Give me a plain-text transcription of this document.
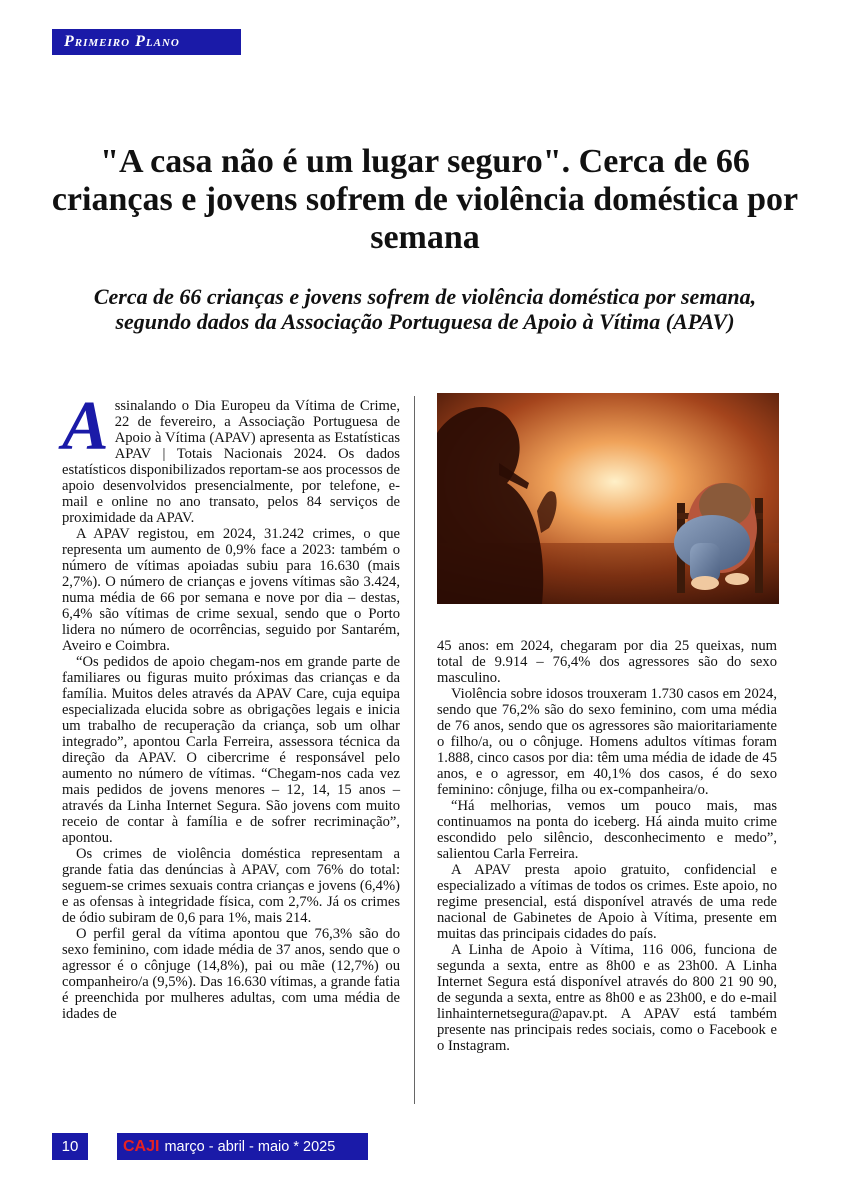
Primeiro Plano
"A casa não é um lugar seguro". Cerca de 66 crianças e jovens sofrem de violência doméstica por semana
Cerca de 66 crianças e jovens sofrem de violência doméstica por semana, segundo dados da Associação Portuguesa de Apoio à Vítima (APAV)

Assinalando o Dia Europeu da Vítima de Crime, 22 de fevereiro, a Associação Portuguesa de Apoio à Vítima (APAV) apresenta as Estatísticas APAV | Totais Nacionais 2024. Os dados estatísticos disponibilizados reportam-se aos processos de apoio desenvolvidos presencialmente, por telefone, e-mail e online no ano transato, pelos 84 serviços de proximidade da APAV.

A APAV registou, em 2024, 31.242 crimes, o que representa um aumento de 0,9% face a 2023: também o número de vítimas apoiadas subiu para 16.630 (mais 2,7%). O número de crianças e jovens vítimas são 3.424, numa média de 66 por semana e nove por dia – destas, 6,4% são vítimas de crime sexual, sendo que o Porto lidera no número de ocorrências, seguido por Santarém, Aveiro e Coimbra.

“Os pedidos de apoio chegam-nos em grande parte de familiares ou figuras muito próximas das crianças e da família. Muitos deles através da APAV Care, cuja equipa especializada elucida sobre as obrigações legais e inicia um trabalho de recuperação da criança, sob um olhar integrado”, apontou Carla Ferreira, assessora técnica da direção da APAV. O cibercrime é responsável pelo aumento no número de vítimas. “Chegam-nos cada vez mais pedidos de jovens menores – 12, 14, 15 anos – através da Linha Internet Segura. São jovens com muito receio de contar à família e de sofrer recriminação”, apontou.

Os crimes de violência doméstica representam a grande fatia das denúncias à APAV, com 76% do total: seguem-se crimes sexuais contra crianças e jovens (6,4%) e as ofensas à integridade física, com 2,7%. Já os crimes de ódio subiram de 0,6 para 1%, mais 214.

O perfil geral da vítima apontou que 76,3% são do sexo feminino, com idade média de 37 anos, sendo que o agressor é o cônjuge (14,8%), pai ou mãe (12,7%) ou companheiro/a (9,5%). Das 16.630 vítimas, a grande fatia é preenchida por mulheres adultas, com uma média de idades de

45 anos: em 2024, chegaram por dia 25 queixas, num total de 9.914 – 76,4% dos agressores são do sexo masculino.

Violência sobre idosos trouxeram 1.730 casos em 2024, sendo que 76,2% são do sexo feminino, com uma média de 76 anos, sendo que os agressores são maioritariamente o filho/a, ou o cônjuge. Homens adultos vítimas foram 1.888, cinco casos por dia: têm uma média de idade de 45 anos, e o agressor, em 40,1% dos casos, é do sexo feminino: cônjuge, filha ou ex-companheira/o.

“Há melhorias, vemos um pouco mais, mas continuamos na ponta do iceberg. Há ainda muito crime escondido pelo silêncio, desconhecimento e medo”, salientou Carla Ferreira.

A APAV presta apoio gratuito, confidencial e especializado a vítimas de todos os crimes. Este apoio, no regime presencial, está disponível através de uma rede nacional de Gabinetes de Apoio à Vítima, presente em muitas das principais cidades do país.

A Linha de Apoio à Vítima, 116 006, funciona de segunda a sexta, entre as 8h00 e as 23h00. A Linha Internet Segura está disponível através do 800 21 90 90, de segunda a sexta, entre as 8h00 e as 23h00, e do e-mail linhainternetsegura@apav.pt. A APAV está também presente nas principais redes sociais, como o Facebook e o Instagram.

10	CAJI março - abril - maio * 2025
